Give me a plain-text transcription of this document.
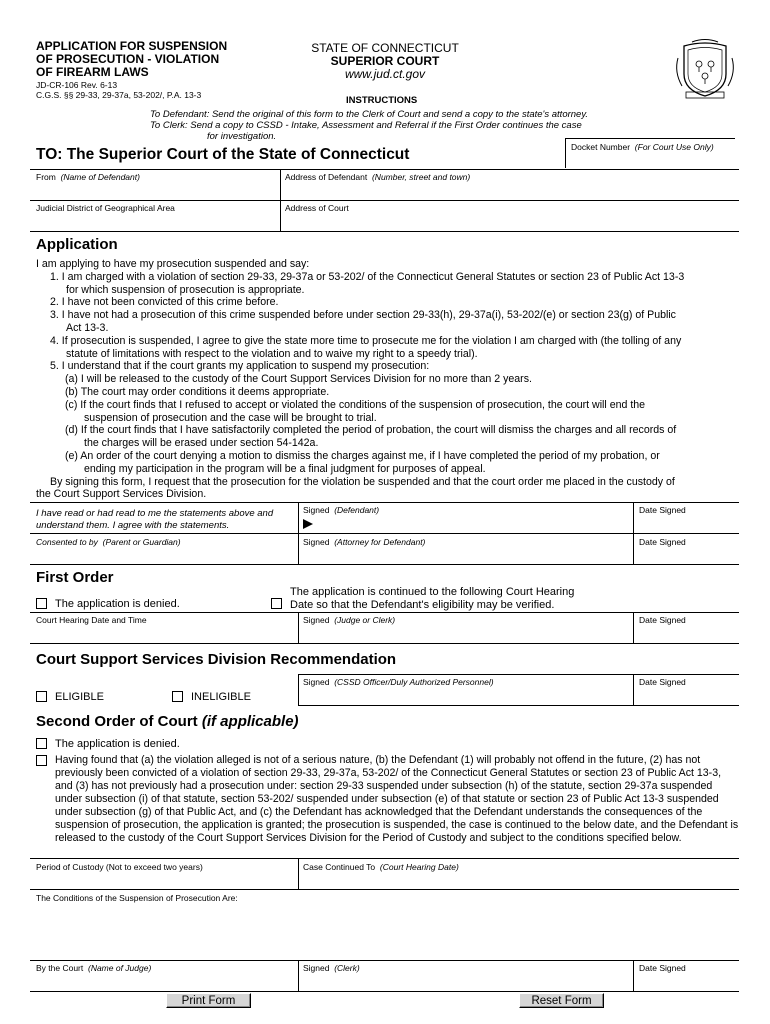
APPLICATION FOR SUSPENSION
OF PROSECUTION - VIOLATION
OF FIREARM LAWS
JD-CR-106 Rev. 6-13
C.G.S. §§ 29-33, 29-37a, 53-202/, P.A. 13-3
STATE OF CONNECTICUT
SUPERIOR COURT
www.jud.ct.gov
INSTRUCTIONS
To Defendant: Send the original of this form to the Clerk of Court and send a copy to the state's attorney.
To Clerk: Send a copy to CSSD - Intake, Assessment and Referral if the First Order continues the case
for investigation.
Docket Number (For Court Use Only)
TO: The Superior Court of the State of Connecticut
From (Name of Defendant)	Address of Defendant (Number, street and town)
Judicial District of Geographical Area	Address of Court
Application

I am applying to have my prosecution suspended and say:

1. I am charged with a violation of section 29-33, 29-37a or 53-202/ of the Connecticut General Statutes or section 23 of Public Act 13-3

for which suspension of prosecution is appropriate.

2. I have not been convicted of this crime before.

3. I have not had a prosecution of this crime suspended before under section 29-33(h), 29-37a(i), 53-202/(e) or section 23(g) of Public

Act 13-3.

4. If prosecution is suspended, I agree to give the state more time to prosecute me for the violation I am charged with (the tolling of any

statute of limitations with respect to the violation and to waive my right to a speedy trial).

5. I understand that if the court grants my application to suspend my prosecution:

(a) I will be released to the custody of the Court Support Services Division for no more than 2 years.

(b) The court may order conditions it deems appropriate.

(c) If the court finds that I refused to accept or violated the conditions of the suspension of prosecution, the court will end the

suspension of prosecution and the case will be brought to trial.

(d) If the court finds that I have satisfactorily completed the period of probation, the court will dismiss the charges and all records of

the charges will be erased under section 54-142a.

(e) An order of the court denying a motion to dismiss the charges against me, if I have completed the period of my probation, or

ending my participation in the program will be a final judgment for purposes of appeal.

By signing this form, I request that the prosecution for the violation be suspended and that the court order me placed in the custody of

the Court Support Services Division.

I have read or had read to me the statements above and
understand them. I agree with the statements.
Signed (Defendant)	Date Signed
Consented to by (Parent or Guardian)	Signed (Attorney for Defendant)	Date Signed
First Order
The application is denied.
The application is continued to the following Court Hearing
Date so that the Defendant's eligibility may be verified.
Court Hearing Date and Time	Signed (Judge or Clerk)	Date Signed
Court Support Services Division Recommendation
Signed (CSSD Officer/Duly Authorized Personnel)	Date Signed
ELIGIBLE	INELIGIBLE
Second Order of Court (if applicable)
The application is denied.
Having found that (a) the violation alleged is not of a serious nature, (b) the Defendant (1) will probably not offend in the future, (2) has not previously been convicted of a violation of section 29-33, 29-37a, 53-202/ of the Connecticut General Statutes or section 23 of Public Act 13-3, and (3) has not previously had a prosecution under: section 29-33 suspended under subsection (h) of the statute, section 29-37a suspended under subsection (i) of that statute, section 53-202/ suspended under subsection (e) of that statute or section 23 of Public Act 13-3 suspended under subsection (g) of that Public Act, and (c) the Defendant has acknowledged that the Defendant understands the consequences of the suspension of prosecution, the application is granted; the prosecution is suspended, the case is continued to the below date, and the Defendant is released to the custody of the Court Support Services Division for the Period of Custody and subject to the conditions specified below.
Period of Custody (Not to exceed two years)	Case Continued To (Court Hearing Date)
The Conditions of the Suspension of Prosecution Are:
By the Court (Name of Judge)	Signed (Clerk)	Date Signed
Print Form	Reset Form
